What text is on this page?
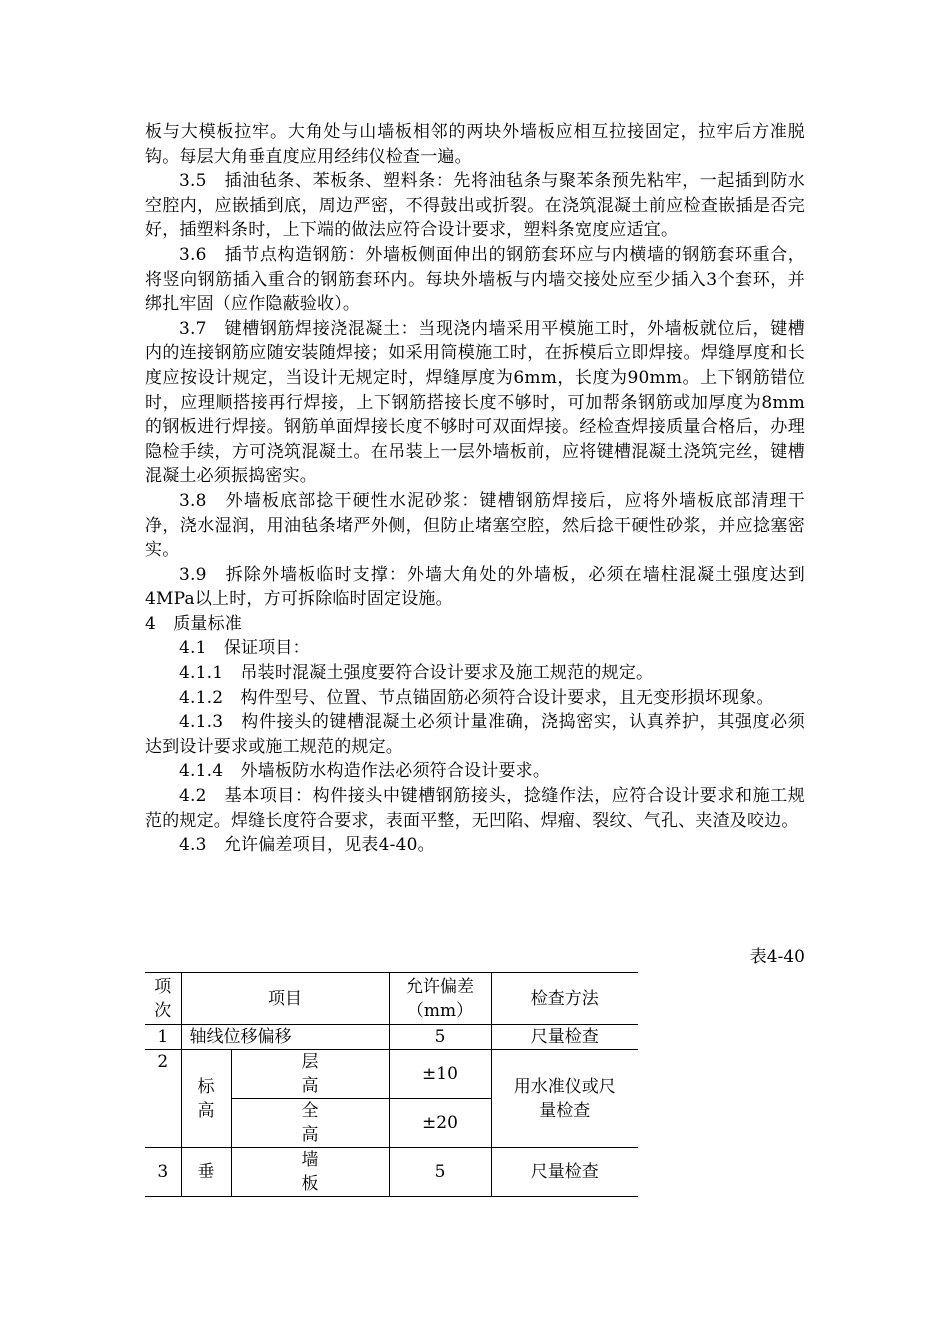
板与大模板拉牢。大角处与山墙板相邻的两块外墙板应相互拉接固定，拉牢后方准脱钩。每层大角垂直度应用经纬仪检查一遍。

3.5　插油毡条、苯板条、塑料条：先将油毡条与聚苯条预先粘牢，一起插到防水空腔内，应嵌插到底，周边严密，不得鼓出或折裂。在浇筑混凝土前应检查嵌插是否完好，插塑料条时，上下端的做法应符合设计要求，塑料条宽度应适宜。

3.6　插节点构造钢筋：外墙板侧面伸出的钢筋套环应与内横墙的钢筋套环重合，将竖向钢筋插入重合的钢筋套环内。每块外墙板与内墙交接处应至少插入3个套环，并绑扎牢固（应作隐蔽验收）。

3.7　键槽钢筋焊接浇混凝土：当现浇内墙采用平模施工时，外墙板就位后，键槽内的连接钢筋应随安装随焊接；如采用筒模施工时，在拆模后立即焊接。焊缝厚度和长度应按设计规定，当设计无规定时，焊缝厚度为6mm，长度为90mm。上下钢筋错位时，应理顺搭接再行焊接，上下钢筋搭接长度不够时，可加帮条钢筋或加厚度为8mm的钢板进行焊接。钢筋单面焊接长度不够时可双面焊接。经检查焊接质量合格后，办理隐检手续，方可浇筑混凝土。在吊装上一层外墙板前，应将键槽混凝土浇筑完丝，键槽混凝土必须振捣密实。

3.8　外墙板底部捻干硬性水泥砂浆：键槽钢筋焊接后，应将外墙板底部清理干净，浇水湿润，用油毡条堵严外侧，但防止堵塞空腔，然后捻干硬性砂浆，并应捻塞密实。

3.9　拆除外墙板临时支撑：外墙大角处的外墙板，必须在墙柱混凝土强度达到4MPa以上时，方可拆除临时固定设施。

4　质量标准

4.1　保证项目：

4.1.1　吊装时混凝土强度要符合设计要求及施工规范的规定。

4.1.2　构件型号、位置、节点锚固筋必须符合设计要求，且无变形损坏现象。

4.1.3　构件接头的键槽混凝土必须计量准确，浇捣密实，认真养护，其强度必须达到设计要求或施工规范的规定。

4.1.4　外墙板防水构造作法必须符合设计要求。

4.2　基本项目：构件接头中键槽钢筋接头，捻缝作法，应符合设计要求和施工规范的规定。焊缝长度符合要求，表面平整，无凹陷、焊瘤、裂纹、气孔、夹渣及咬边。

4.3　允许偏差项目，见表4-40。

表4-40
项次	项目		允许偏差（mm）	检查方法
1	轴线位移偏移		5	尺量检查
2	标高	层高	±10	用水准仪或尺量检查
		全高	±20	
3	垂	墙板	5	尺量检查
